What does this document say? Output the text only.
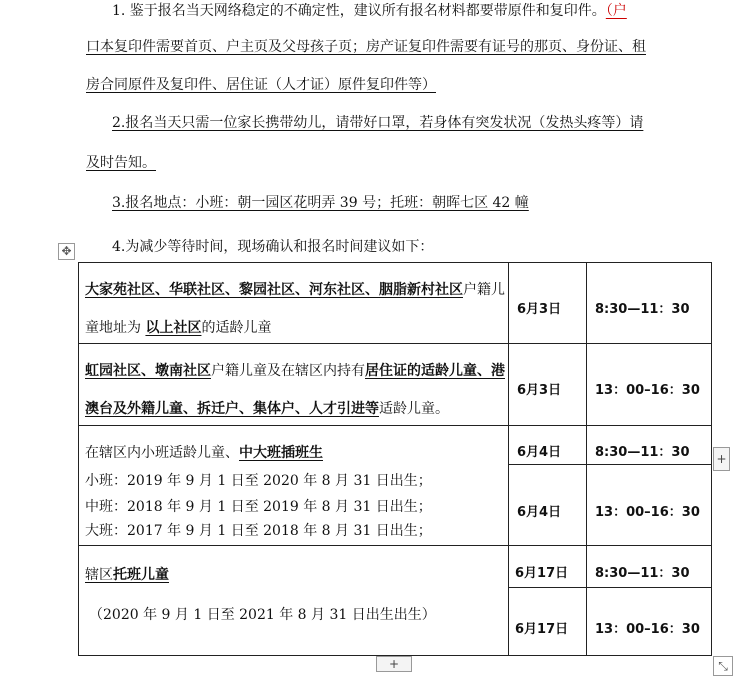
1. 鉴于报名当天网络稳定的不确定性，建议所有报名材料都要带原件和复印件。（户
口本复印件需要首页、户主页及父母孩子页；房产证复印件需要有证号的那页、身份证、租
房合同原件及复印件、居住证（人才证）原件复印件等）
2.报名当天只需一位家长携带幼儿，请带好口罩，若身体有突发状况（发热头疼等）请
及时告知。
3.报名地点：小班：朝一园区花明弄 39 号；托班：朝晖七区 42 幢
4.为减少等待时间，现场确认和报名时间建议如下：
✥
大家苑社区、华联社区、黎园社区、河东社区、胭脂新村社区户籍儿
童地址为 以上社区的适龄儿童
6月3日	8:30—11：30
虹园社区、墩南社区户籍儿童及在辖区内持有居住证的适龄儿童、港
澳台及外籍儿童、拆迁户、集体户、人才引进等适龄儿童。
6月3日	13：00–16：30
在辖区内小班适龄儿童、中大班插班生
小班：2019 年 9 月 1 日至 2020 年 8 月 31 日出生；
中班：2018 年 9 月 1 日至 2019 年 8 月 31 日出生；
大班：2017 年 9 月 1 日至 2018 年 8 月 31 日出生；
6月4日	8:30—11：30
6月4日	13：00–16：30
辖区托班儿童
（2020 年 9 月 1 日至 2021 年 8 月 31 日出生出生）
6月17日 8:30—11：30
6月17日 13：00–16：30
+
+	⤡
